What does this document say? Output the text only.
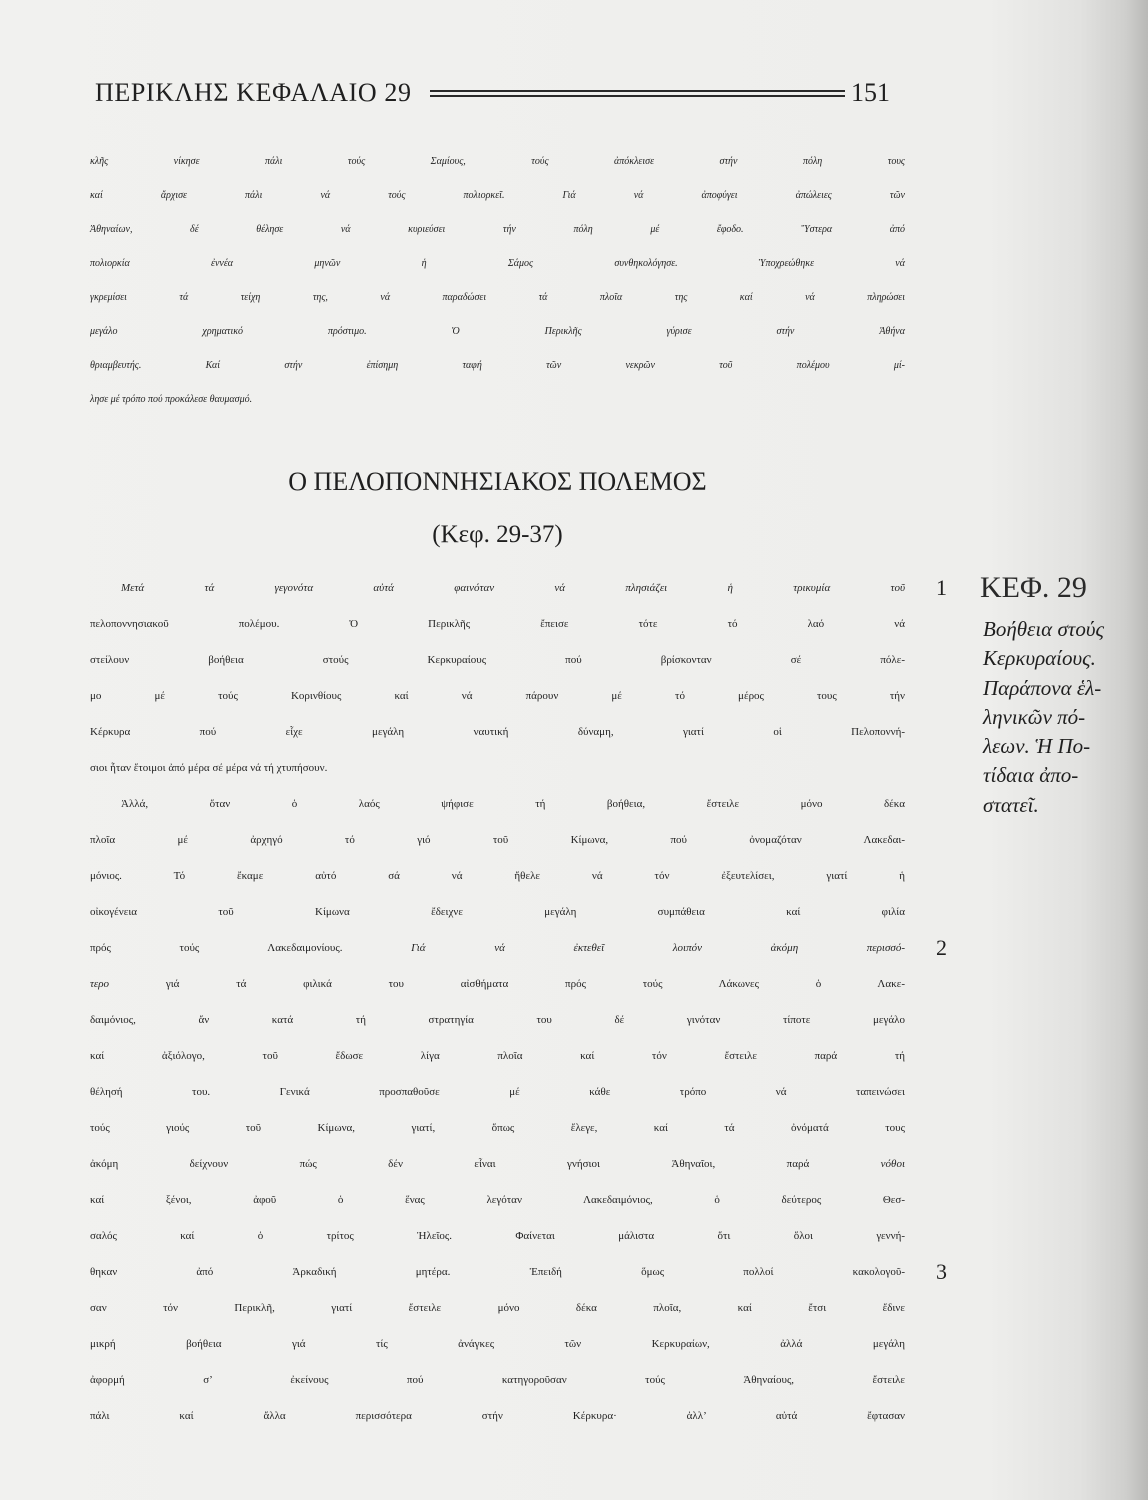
ΠΕΡΙΚΛΗΣ ΚΕΦΑΛΑΙΟ 29	151
κλῆς νίκησε πάλι τούς Σαμίους, τούς ἀπόκλεισε στήν πόλη τους
καί ἄρχισε πάλι νά τούς πολιορκεῖ. Γιά νά ἀποφύγει ἀπώλειες τῶν
Ἀθηναίων, δέ θέλησε νά κυριεύσει τήν πόλη μέ ἔφοδο. Ὕστερα ἀπό
πολιορκία ἐννέα μηνῶν ἡ Σάμος συνθηκολόγησε. Ὑποχρεώθηκε νά
γκρεμίσει τά τείχη της, νά παραδώσει τά πλοῖα της καί νά πληρώσει
μεγάλο χρηματικό πρόστιμο. Ὁ Περικλῆς γύρισε στήν Ἀθήνα
θριαμβευτής. Καί στήν ἐπίσημη ταφή τῶν νεκρῶν τοῦ πολέμου μί-
λησε μέ τρόπο πού προκάλεσε θαυμασμό.
Ο ΠΕΛΟΠΟΝΝΗΣΙΑΚΟΣ ΠΟΛΕΜΟΣ
(Κεφ. 29-37)
Μετά τά γεγονότα αὐτά φαινόταν νά πλησιάζει ἡ τρικυμία τοῦ
πελοποννησιακοῦ πολέμου. Ὁ Περικλῆς ἔπεισε τότε τό λαό νά
στείλουν βοήθεια στούς Κερκυραίους πού βρίσκονταν σέ πόλε-
μο μέ τούς Κορινθίους καί νά πάρουν μέ τό μέρος τους τήν
Κέρκυρα πού εἶχε μεγάλη ναυτική δύναμη, γιατί οἱ Πελοποννή-
σιοι ἦταν ἕτοιμοι ἀπό μέρα σέ μέρα νά τή χτυπήσουν.
Ἀλλά, ὅταν ὁ λαός ψήφισε τή βοήθεια, ἔστειλε μόνο δέκα
πλοῖα μέ ἀρχηγό τό γιό τοῦ Κίμωνα, πού ὀνομαζόταν Λακεδαι-
μόνιος. Τό ἔκαμε αὐτό σά νά ἤθελε νά τόν ἐξευτελίσει, γιατί ἡ
οἰκογένεια τοῦ Κίμωνα ἔδειχνε μεγάλη συμπάθεια καί φιλία
πρός τούς Λακεδαιμονίους. Γιά νά ἐκτεθεῖ λοιπόν ἀκόμη περισσό-
τερο γιά τά φιλικά του αἰσθήματα πρός τούς Λάκωνες ὁ Λακε-
δαιμόνιος, ἄν κατά τή στρατηγία του δέ γινόταν τίποτε μεγάλο
καί ἀξιόλογο, τοῦ ἔδωσε λίγα πλοῖα καί τόν ἔστειλε παρά τή
θέλησή του. Γενικά προσπαθοῦσε μέ κάθε τρόπο νά ταπεινώσει
τούς γιούς τοῦ Κίμωνα, γιατί, ὅπως ἔλεγε, καί τά ὀνόματά τους
ἀκόμη δείχνουν πώς δέν εἶναι γνήσιοι Ἀθηναῖοι, παρά νόθοι
καί ξένοι, ἀφοῦ ὁ ἕνας λεγόταν Λακεδαιμόνιος, ὁ δεύτερος Θεσ-
σαλός καί ὁ τρίτος Ἠλεῖος. Φαίνεται μάλιστα ὅτι ὅλοι γεννή-
θηκαν ἀπό Ἀρκαδική μητέρα. Ἐπειδή ὅμως πολλοί κακολογοῦ-
σαν τόν Περικλῆ, γιατί ἔστειλε μόνο δέκα πλοῖα, καί ἔτσι ἔδινε
μικρή βοήθεια γιά τίς ἀνάγκες τῶν Κερκυραίων, ἀλλά μεγάλη
ἀφορμή σ’ ἐκείνους πού κατηγοροῦσαν τούς Ἀθηναίους, ἔστειλε
πάλι καί ἄλλα περισσότερα στήν Κέρκυρα· ἀλλ’ αὐτά ἔφτασαν
1
2
3
ΚΕΦ. 29
Βοήθεια στούς
Κερκυραίους.
Παράπονα ἑλ-
ληνικῶν πό-
λεων. Ἡ Πο-
τίδαια ἀπο-
στατεῖ.
